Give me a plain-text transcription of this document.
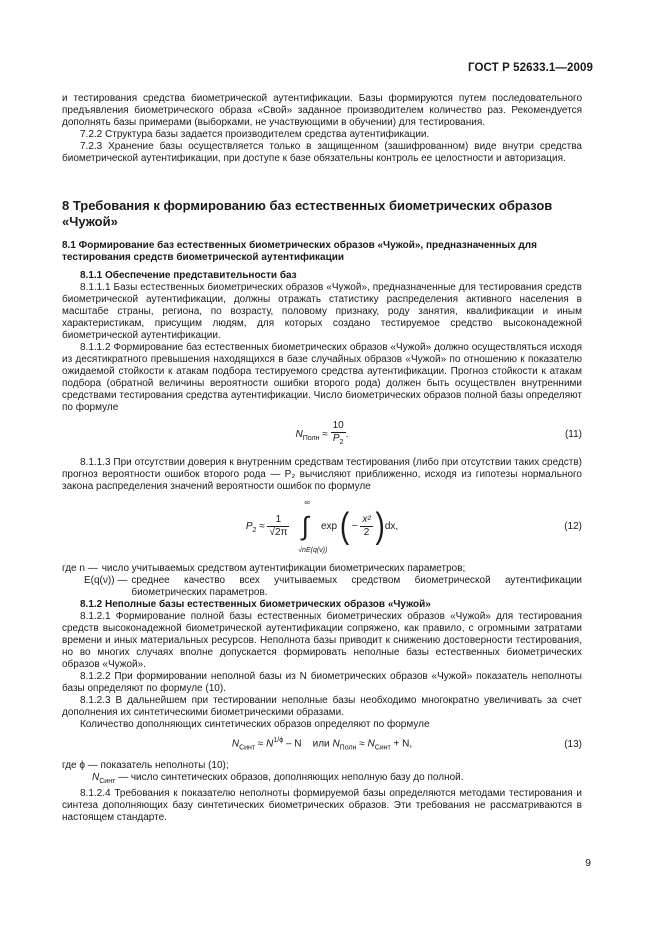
ГОСТ Р 52633.1—2009

и тестирования средства биометрической аутентификации. Базы формируются путем последовательного предъявления биометрического образа «Свой» заданное производителем количество раз. Рекомендуется дополнять базы примерами (выборками, не участвующими в обучении) для тестирования.

7.2.2 Структура базы задается производителем средства аутентификации.

7.2.3 Хранение базы осуществляется только в защищенном (зашифрованном) виде внутри средства биометрической аутентификации, при доступе к базе обязательны контроль ее целостности и авторизация.

8 Требования к формированию баз естественных биометрических образов «Чужой»
8.1 Формирование баз естественных биометрических образов «Чужой», предназначенных для тестирования средств биометрической аутентификации

8.1.1 Обеспечение представительности баз

8.1.1.1 Базы естественных биометрических образов «Чужой», предназначенные для тестирования средств биометрической аутентификации, должны отражать статистику распределения активного населения в масштабе страны, региона, по возрасту, половому признаку, роду занятия, квалификации и иным характеристикам, присущим людям, для которых создано тестируемое средство высоконадежной биометрической аутентификации.

8.1.1.2 Формирование баз естественных биометрических образов «Чужой» должно осуществляться исходя из десятикратного превышения находящихся в базе случайных образов «Чужой» по отношению к показателю ожидаемой стойкости к атакам подбора тестируемого средства аутентификации. Прогноз стойкости к атакам подбора (обратной величины вероятности ошибки второго рода) должен быть осуществлен внутренними средствами тестирования средства аутентификации. Число биометрических образов полной базы определяют по формуле

$N_{Полн} \approx \frac{10}{P_2}$ .	(11)

8.1.1.3 При отсутствии доверия к внутренним средствам тестирования (либо при отсутствии таких средств) прогноз вероятности ошибок второго рода — P₂ вычисляют приближенно, исходя из гипотезы нормального закона распределения значений вероятности ошибок по формуле

$P_2 \approx \frac{1}{√2\pi}$ ∫
∞
√nE(q(ν))
exp ( – $\frac{\text{x²}}{2} )dx$,	(12)
где n — число учитываемых средством аутентификации биометрических параметров;
E(q(ν)) — среднее качество всех учитываемых средством биометрической аутентификации биометрических параметров.

8.1.2 Неполные базы естественных биометрических образов «Чужой»

8.1.2.1 Формирование полной базы естественных биометрических образов «Чужой» для тестирования средств высоконадежной биометрической аутентификации сопряжено, как правило, с огромными затратами времени и иных материальных ресурсов. Неполнота базы приводит к снижению достоверности тестирования, но во многих случаях вполне допускается формировать неполные базы естественных биометрических образов «Чужой».

8.1.2.2 При формировании неполной базы из N биометрических образов «Чужой» показатель неполноты базы определяют по формуле (10).

8.1.2.3 В дальнейшем при тестировании неполные базы необходимо многократно увеличивать за счет дополнения их синтетическими биометрическими образами.

Количество дополняющих синтетических образов определяют по формуле

$N_{Синт} \approx N^{1/\phi} - N$ или $N_{Полн} \approx N_{Синт} + N$,	(13)

где ϕ — показатель неполноты (10);

$N_{Синт}$ — число синтетических образов, дополняющих неполную базу до полной.

8.1.2.4 Требования к показателю неполноты формируемой базы определяются методами тестирования и синтеза дополняющих базу синтетических биометрических образов. Эти требования не рассматриваются в настоящем стандарте.

9
